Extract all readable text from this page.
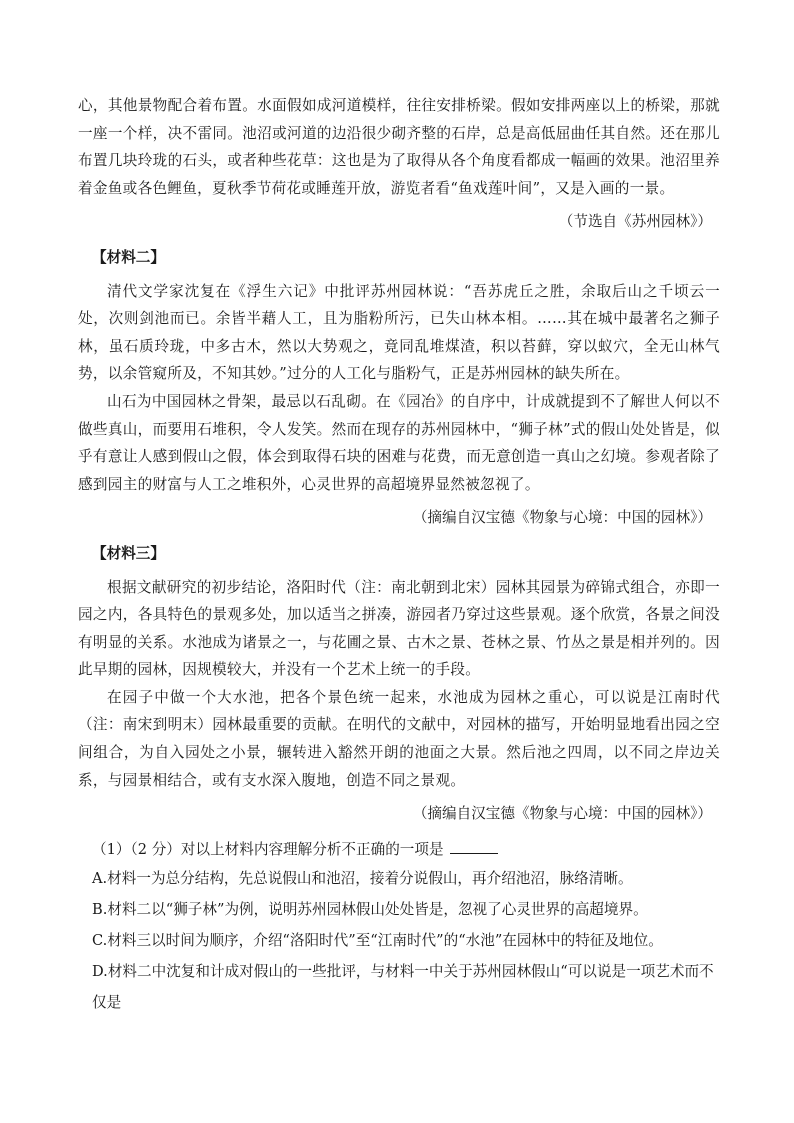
心，其他景物配合着布置。水面假如成河道模样，往往安排桥梁。假如安排两座以上的桥梁，那就一座一个样，决不雷同。池沼或河道的边沿很少砌齐整的石岸，总是高低屈曲任其自然。还在那儿布置几块玲珑的石头，或者种些花草：这也是为了取得从各个角度看都成一幅画的效果。池沼里养着金鱼或各色鲤鱼，夏秋季节荷花或睡莲开放，游览者看“鱼戏莲叶间”，又是入画的一景。

（节选自《苏州园林》）
【材料二】

清代文学家沈复在《浮生六记》中批评苏州园林说：“吾苏虎丘之胜，余取后山之千顷云一处，次则剑池而已。余皆半藉人工，且为脂粉所污，已失山林本相。……其在城中最著名之狮子林，虽石质玲珑，中多古木，然以大势观之，竟同乱堆煤渣，积以苔藓，穿以蚁穴，全无山林气势，以余管窥所及，不知其妙。”过分的人工化与脂粉气，正是苏州园林的缺失所在。

山石为中国园林之骨架，最忌以石乱砌。在《园冶》的自序中，计成就提到不了解世人何以不做些真山，而要用石堆积，令人发笑。然而在现存的苏州园林中，“狮子林”式的假山处处皆是，似乎有意让人感到假山之假，体会到取得石块的困难与花费，而无意创造一真山之幻境。参观者除了感到园主的财富与人工之堆积外，心灵世界的高超境界显然被忽视了。

（摘编自汉宝德《物象与心境：中国的园林》）
【材料三】

根据文献研究的初步结论，洛阳时代（注：南北朝到北宋）园林其园景为碎锦式组合，亦即一园之内，各具特色的景观多处，加以适当之拼凑，游园者乃穿过这些景观。逐个欣赏，各景之间没有明显的关系。水池成为诸景之一，与花圃之景、古木之景、苍林之景、竹丛之景是相并列的。因此早期的园林，因规模较大，并没有一个艺术上统一的手段。

在园子中做一个大水池，把各个景色统一起来，水池成为园林之重心，可以说是江南时代（注：南宋到明末）园林最重要的贡献。在明代的文献中，对园林的描写，开始明显地看出园之空间组合，为自入园处之小景，辗转进入豁然开朗的池面之大景。然后池之四周，以不同之岸边关系，与园景相结合，或有支水深入腹地，创造不同之景观。

（摘编自汉宝德《物象与心境：中国的园林》）
（1）（2 分）对以上材料内容理解分析不正确的一项是
A.材料一为总分结构，先总说假山和池沼，接着分说假山，再介绍池沼，脉络清晰。
B.材料二以“狮子林”为例，说明苏州园林假山处处皆是，忽视了心灵世界的高超境界。
C.材料三以时间为顺序，介绍“洛阳时代”至“江南时代”的“水池”在园林中的特征及地位。
D.材料二中沈复和计成对假山的一些批评，与材料一中关于苏州园林假山“可以说是一项艺术而不仅是
